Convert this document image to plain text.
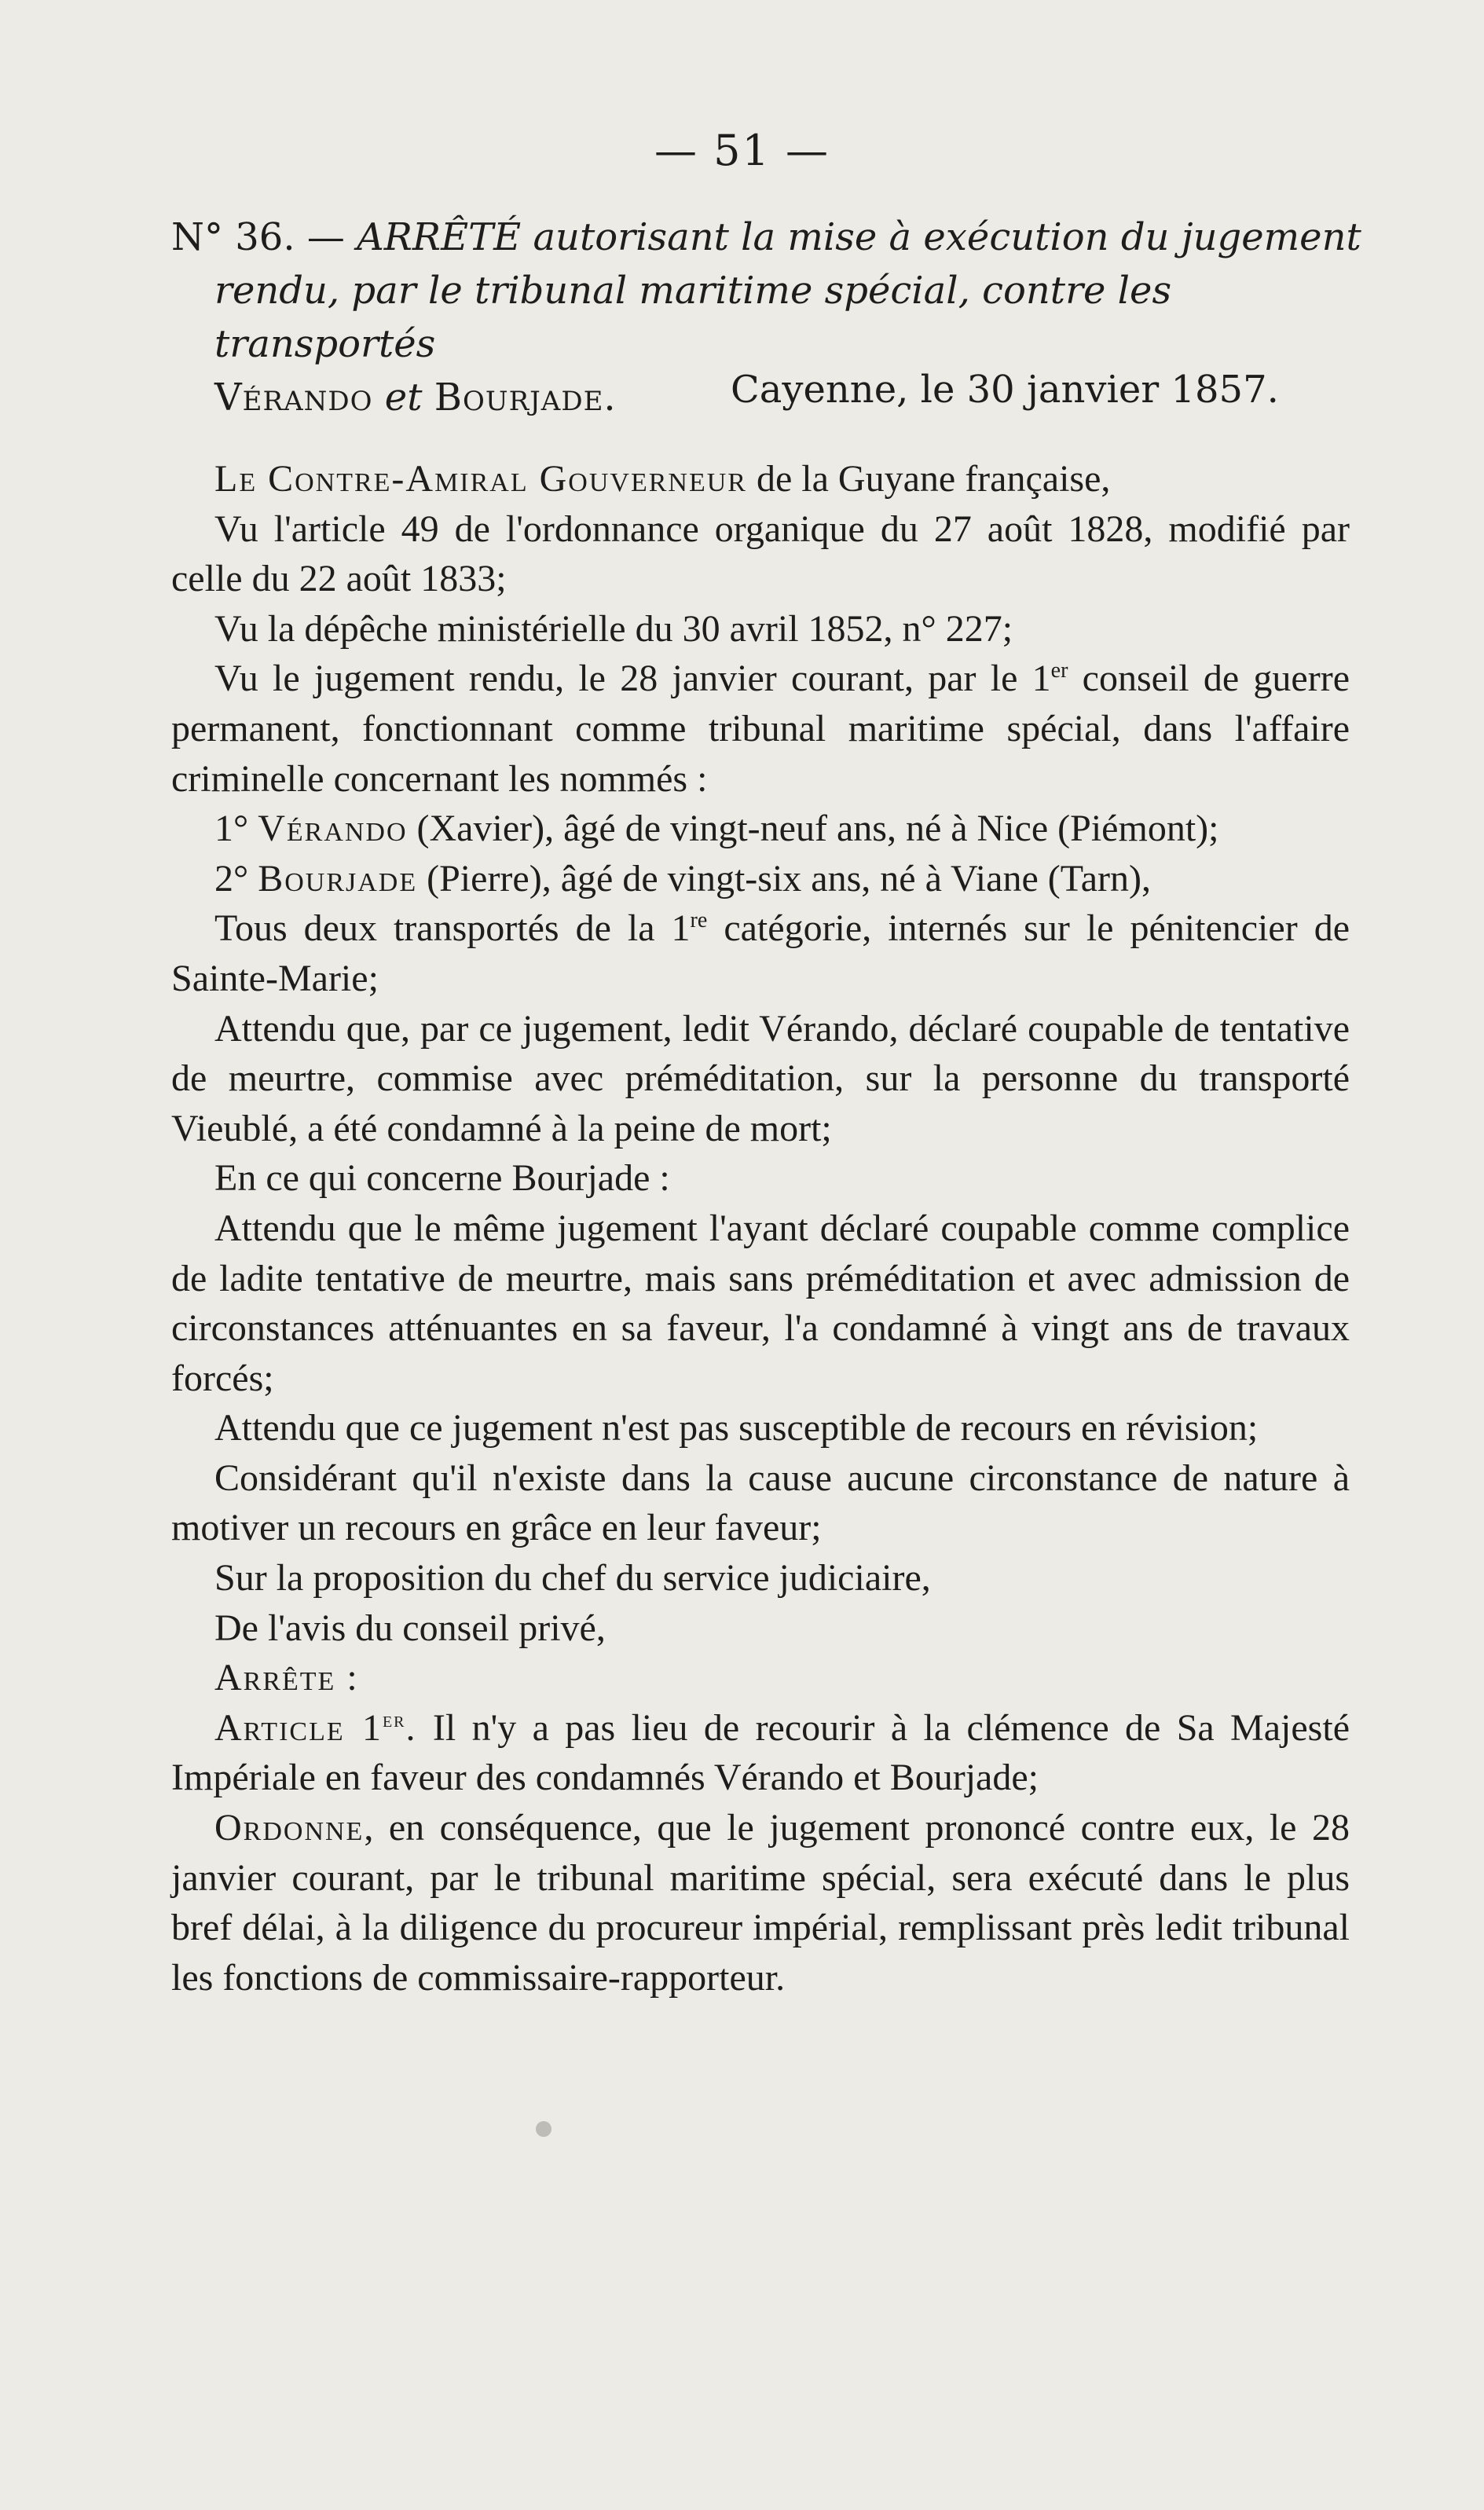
— 51 —
N° 36. — ARRÊTÉ autorisant la mise à exécution du jugement
rendu, par le tribunal maritime spécial, contre les transportés
Vérando et Bourjade.	Cayenne, le 30 janvier 1857.

Le Contre-Amiral Gouverneur de la Guyane française,

Vu l'article 49 de l'ordonnance organique du 27 août 1828, modifié par celle du 22 août 1833;

Vu la dépêche ministérielle du 30 avril 1852, n° 227;

Vu le jugement rendu, le 28 janvier courant, par le 1er conseil de guerre permanent, fonctionnant comme tribunal maritime spécial, dans l'affaire criminelle concernant les nommés :

1° Vérando (Xavier), âgé de vingt-neuf ans, né à Nice (Piémont);

2° Bourjade (Pierre), âgé de vingt-six ans, né à Viane (Tarn),

Tous deux transportés de la 1re catégorie, internés sur le pénitencier de Sainte-Marie;

Attendu que, par ce jugement, ledit Vérando, déclaré coupable de tentative de meurtre, commise avec préméditation, sur la personne du transporté Vieublé, a été condamné à la peine de mort;

En ce qui concerne Bourjade :

Attendu que le même jugement l'ayant déclaré coupable comme complice de ladite tentative de meurtre, mais sans préméditation et avec admission de circonstances atténuantes en sa faveur, l'a condamné à vingt ans de travaux forcés;

Attendu que ce jugement n'est pas susceptible de recours en révision;

Considérant qu'il n'existe dans la cause aucune circonstance de nature à motiver un recours en grâce en leur faveur;

Sur la proposition du chef du service judiciaire,

De l'avis du conseil privé,

Arrête :

Article 1er. Il n'y a pas lieu de recourir à la clémence de Sa Majesté Impériale en faveur des condamnés Vérando et Bourjade;

Ordonne, en conséquence, que le jugement prononcé contre eux, le 28 janvier courant, par le tribunal maritime spécial, sera exécuté dans le plus bref délai, à la diligence du procureur impérial, remplissant près ledit tribunal les fonctions de commissaire-rapporteur.
